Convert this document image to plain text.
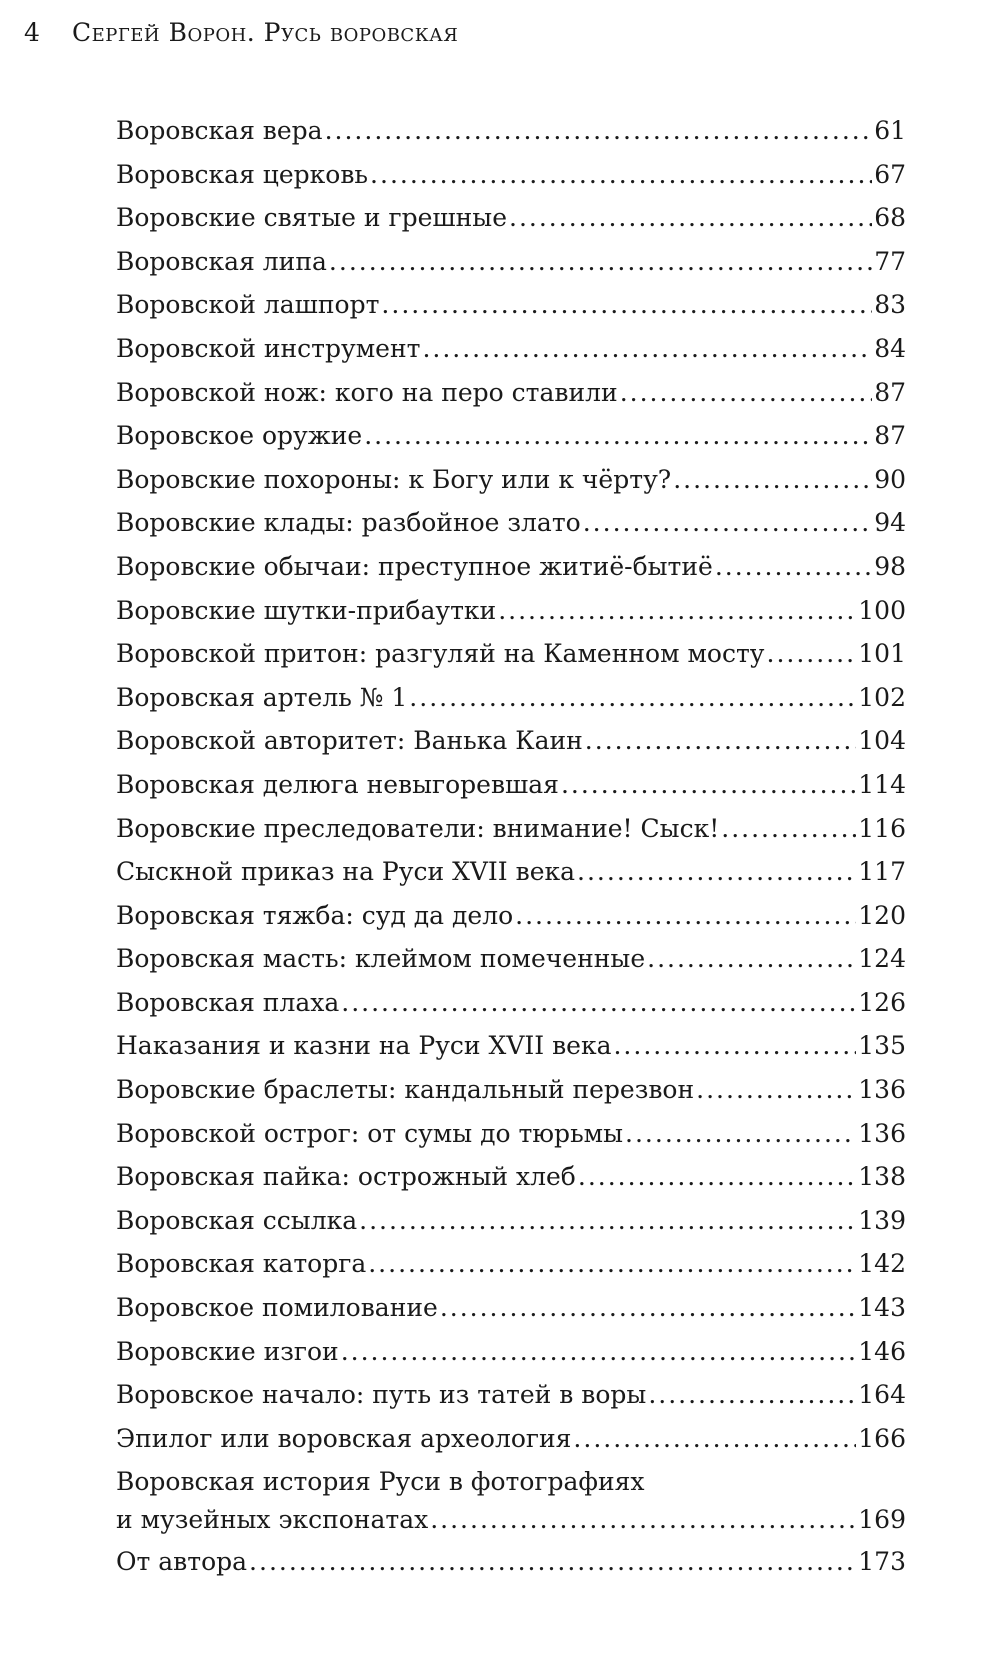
4 Сергей Ворон. Русь воровская
Воровская вера .....	61
Воровская церковь .....	67
Воровские святые и грешные .....	68
Воровская липа .....	77
Воровской лашпорт .....	83
Воровской инструмент .....	84
Воровской нож: кого на перо ставили .....	87
Воровское оружие .....	87
Воровские похороны: к Богу или к чёрту? .....	90
Воровские клады: разбойное злато .....	94
Воровские обычаи: преступное житиё-бытиё .....	98
Воровские шутки-прибаутки .....	100
Воровской притон: разгуляй на Каменном мосту .....	101
Воровская артель № 1 .....	102
Воровской авторитет: Ванька Каин .....	104
Воровская делюга невыгоревшая .....	114
Воровские преследователи: внимание! Сыск! .....	116
Сыскной приказ на Руси XVII века .....	117
Воровская тяжба: суд да дело .....	120
Воровская масть: клеймом помеченные .....	124
Воровская плаха .....	126
Наказания и казни на Руси XVII века .....	135
Воровские браслеты: кандальный перезвон .....	136
Воровской острог: от сумы до тюрьмы .....	136
Воровская пайка: острожный хлеб .....	138
Воровская ссылка .....	139
Воровская каторга .....	142
Воровское помилование .....	143
Воровские изгои .....	146
Воровское начало: путь из татей в воры .....	164
Эпилог или воровская археология .....	166
Воровская история Руси в фотографиях
и музейных экспонатах .....	169
От автора .....	173
